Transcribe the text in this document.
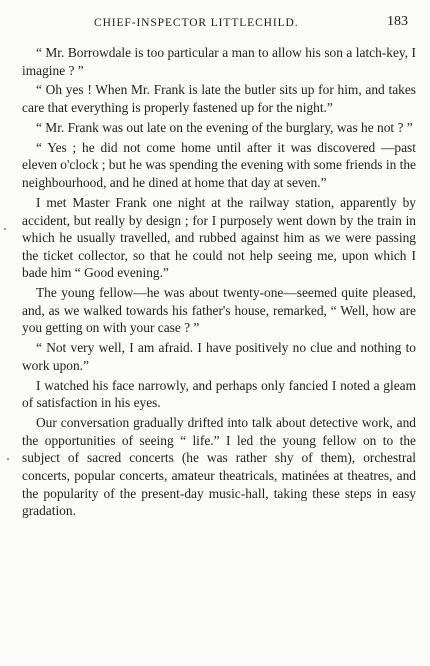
CHIEF-INSPECTOR LITTLECHILD.	183

“ Mr. Borrowdale is too particular a man to allow his son a latch-key, I imagine ? ”

“ Oh yes ! When Mr. Frank is late the butler sits up for him, and takes care that everything is properly fastened up for the night.”

“ Mr. Frank was out late on the evening of the burglary, was he not ? ”

“ Yes ; he did not come home until after it was discovered —past eleven o'clock ; but he was spending the evening with some friends in the neighbourhood, and he dined at home that day at seven.”

I met Master Frank one night at the railway station, apparently by accident, but really by design ; for I purposely went down by the train in which he usually travelled, and rubbed against him as we were passing the ticket collector, so that he could not help seeing me, upon which I bade him “ Good evening.”

The young fellow—he was about twenty-one—seemed quite pleased, and, as we walked towards his father's house, remarked, “ Well, how are you getting on with your case ? ”

“ Not very well, I am afraid. I have positively no clue and nothing to work upon.”

I watched his face narrowly, and perhaps only fancied I noted a gleam of satisfaction in his eyes.

Our conversation gradually drifted into talk about detective work, and the opportunities of seeing “ life.” I led the young fellow on to the subject of sacred concerts (he was rather shy of them), orchestral concerts, popular concerts, amateur theatricals, matinées at theatres, and the popularity of the present-day music-hall, taking these steps in easy gradation.
